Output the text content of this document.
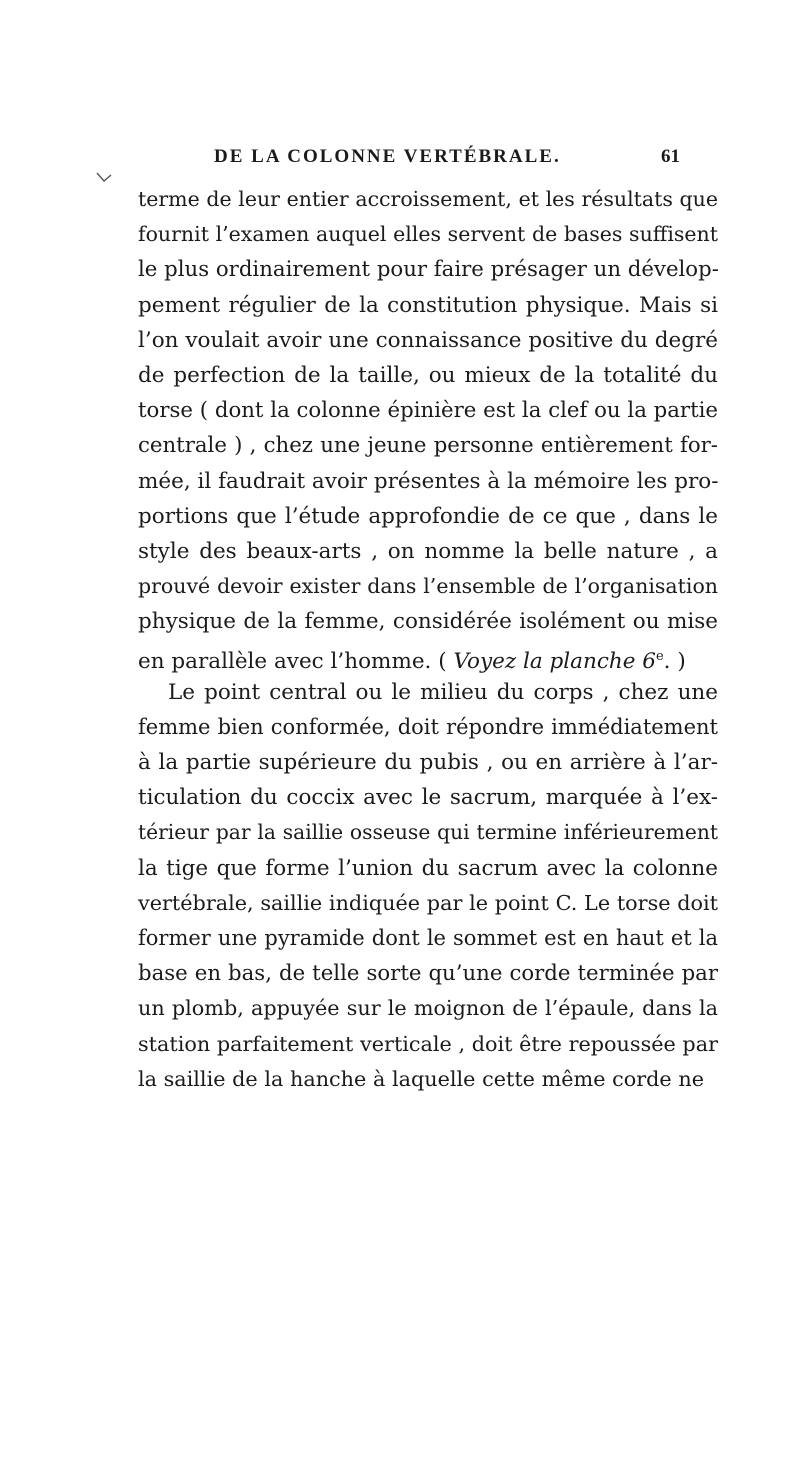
DE LA COLONNE VERTÉBRALE.	61
terme de leur entier accroissement, et les résultats que
fournit l’examen auquel elles servent de bases suffisent
le plus ordinairement pour faire présager un dévelop-
pement régulier de la constitution physique. Mais si
l’on voulait avoir une connaissance positive du degré
de perfection de la taille, ou mieux de la totalité du
torse ( dont la colonne épinière est la clef ou la partie
centrale ) , chez une jeune personne entièrement for-
mée, il faudrait avoir présentes à la mémoire les pro-
portions que l’étude approfondie de ce que , dans le
style des beaux-arts , on nomme la belle nature , a
prouvé devoir exister dans l’ensemble de l’organisation
physique de la femme, considérée isolément ou mise
en parallèle avec l’homme. ( Voyez la planche 6e. )
Le point central ou le milieu du corps , chez une
femme bien conformée, doit répondre immédiatement
à la partie supérieure du pubis , ou en arrière à l’ar-
ticulation du coccix avec le sacrum, marquée à l’ex-
térieur par la saillie osseuse qui termine inférieurement
la tige que forme l’union du sacrum avec la colonne
vertébrale, saillie indiquée par le point C. Le torse doit
former une pyramide dont le sommet est en haut et la
base en bas, de telle sorte qu’une corde terminée par
un plomb, appuyée sur le moignon de l’épaule, dans la
station parfaitement verticale , doit être repoussée par
la saillie de la hanche à laquelle cette même corde ne
